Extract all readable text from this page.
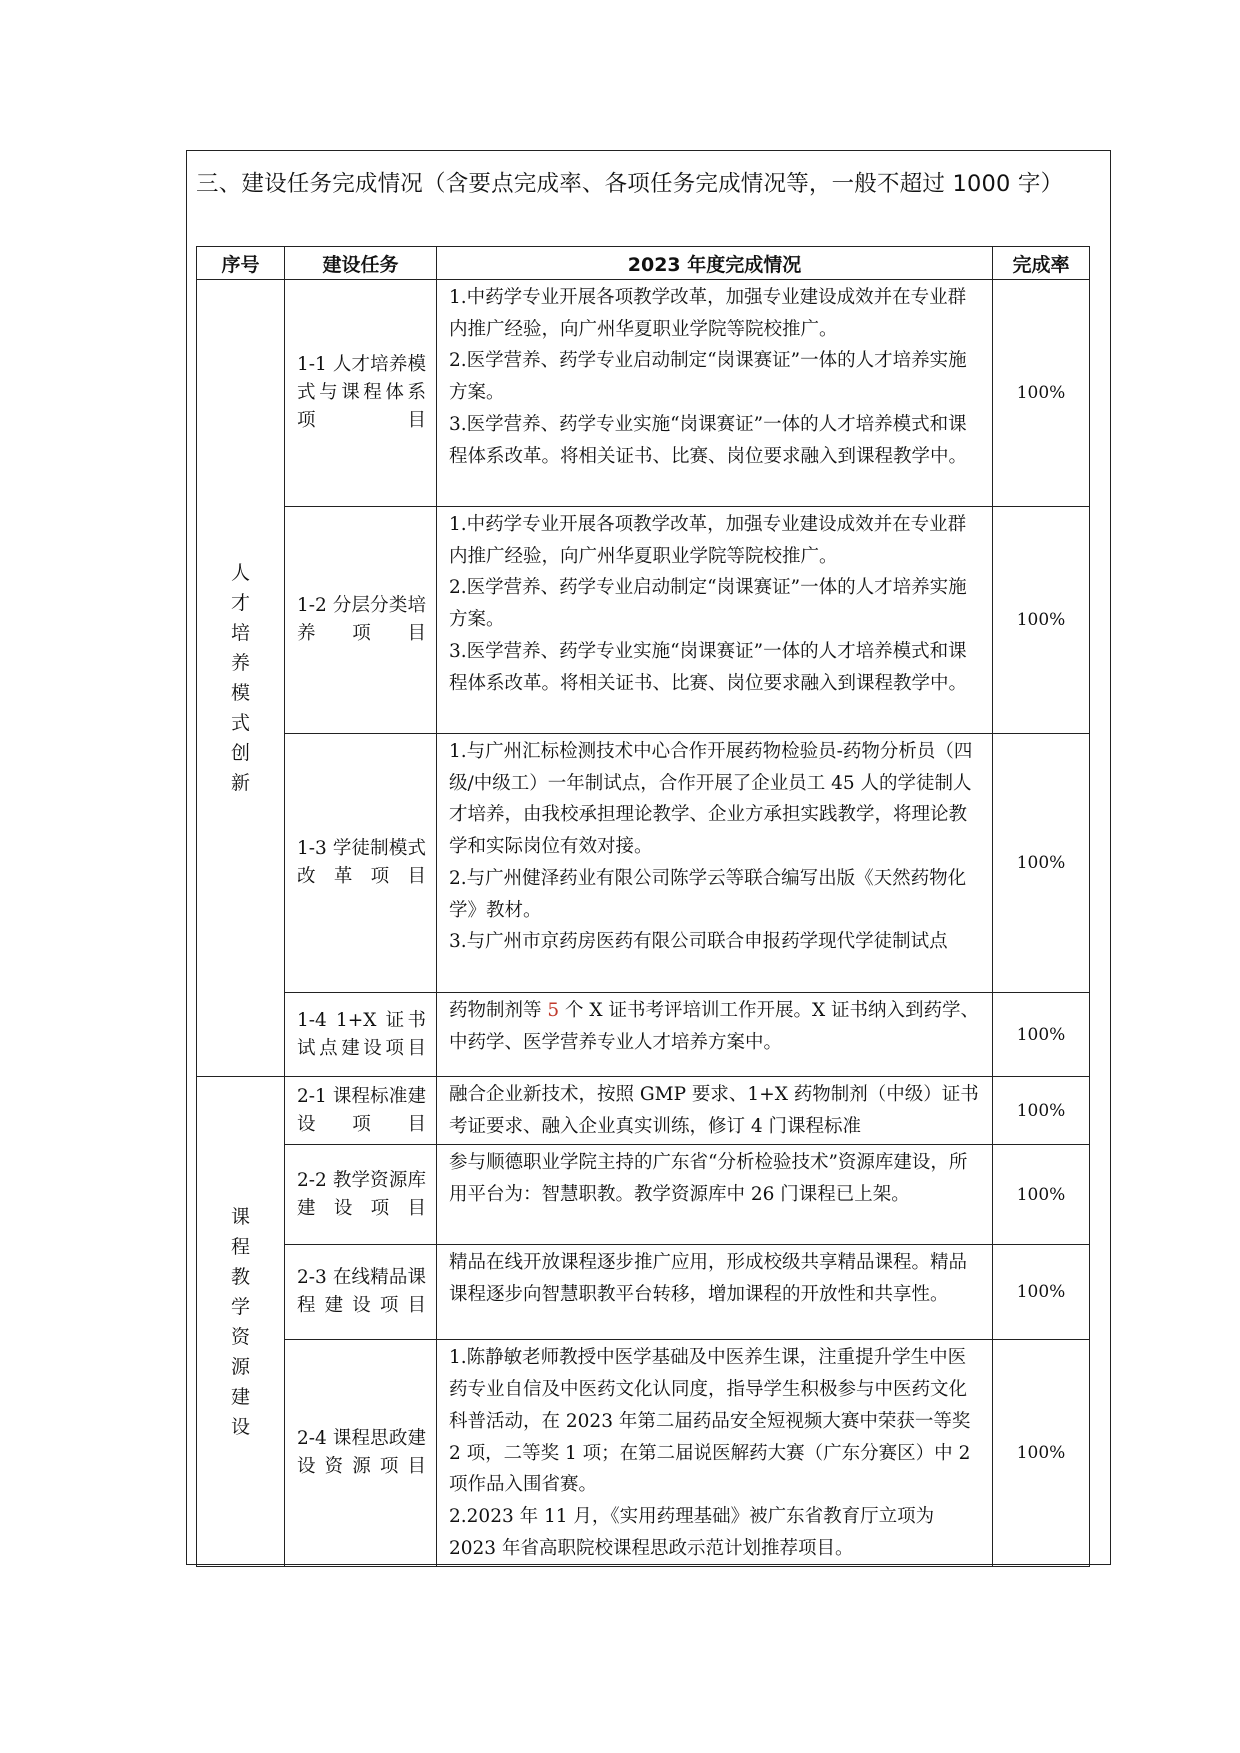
三、建设任务完成情况（含要点完成率、各项任务完成情况等，一般不超过 1000 字）
序号	建设任务	2023 年度完成情况	完成率

人才培养模式创新	1-1 人才培养模式与课程体系项目	1.中药学专业开展各项教学改革，加强专业建设成效并在专业群内推广经验，向广州华夏职业学院等院校推广。
2.医学营养、药学专业启动制定“岗课赛证”一体的人才培养实施方案。
3.医学营养、药学专业实施“岗课赛证”一体的人才培养模式和课程体系改革。将相关证书、比赛、岗位要求融入到课程教学中。	100%

	1-2 分层分类培养项目	1.中药学专业开展各项教学改革，加强专业建设成效并在专业群内推广经验，向广州华夏职业学院等院校推广。
2.医学营养、药学专业启动制定“岗课赛证”一体的人才培养实施方案。
3.医学营养、药学专业实施“岗课赛证”一体的人才培养模式和课程体系改革。将相关证书、比赛、岗位要求融入到课程教学中。	100%

	1-3 学徒制模式改革项目	1.与广州汇标检测技术中心合作开展药物检验员-药物分析员（四级/中级工）一年制试点，合作开展了企业员工 45 人的学徒制人才培养，由我校承担理论教学、企业方承担实践教学，将理论教学和实际岗位有效对接。
2.与广州健泽药业有限公司陈学云等联合编写出版《天然药物化学》教材。
3.与广州市京药房医药有限公司联合申报药学现代学徒制试点	100%

	1-4 1+X 证书试点建设项目	药物制剂等 5 个 X 证书考评培训工作开展。X 证书纳入到药学、中药学、医学营养专业人才培养方案中。	100%

课程教学资源建设	2-1 课程标准建设项目	融合企业新技术，按照 GMP 要求、1+X 药物制剂（中级）证书考证要求、融入企业真实训练，修订 4 门课程标准	100%

	2-2 教学资源库建设项目	参与顺德职业学院主持的广东省“分析检验技术”资源库建设，所用平台为：智慧职教。教学资源库中 26 门课程已上架。	100%

	2-3 在线精品课程建设项目	精品在线开放课程逐步推广应用，形成校级共享精品课程。精品课程逐步向智慧职教平台转移，增加课程的开放性和共享性。	100%

	2-4 课程思政建设资源项目	1.陈静敏老师教授中医学基础及中医养生课，注重提升学生中医药专业自信及中医药文化认同度，指导学生积极参与中医药文化科普活动，在 2023 年第二届药品安全短视频大赛中荣获一等奖 2 项，二等奖 1 项；在第二届说医解药大赛（广东分赛区）中 2 项作品入围省赛。
2.2023 年 11 月，《实用药理基础》被广东省教育厅立项为 2023 年省高职院校课程思政示范计划推荐项目。	100%
